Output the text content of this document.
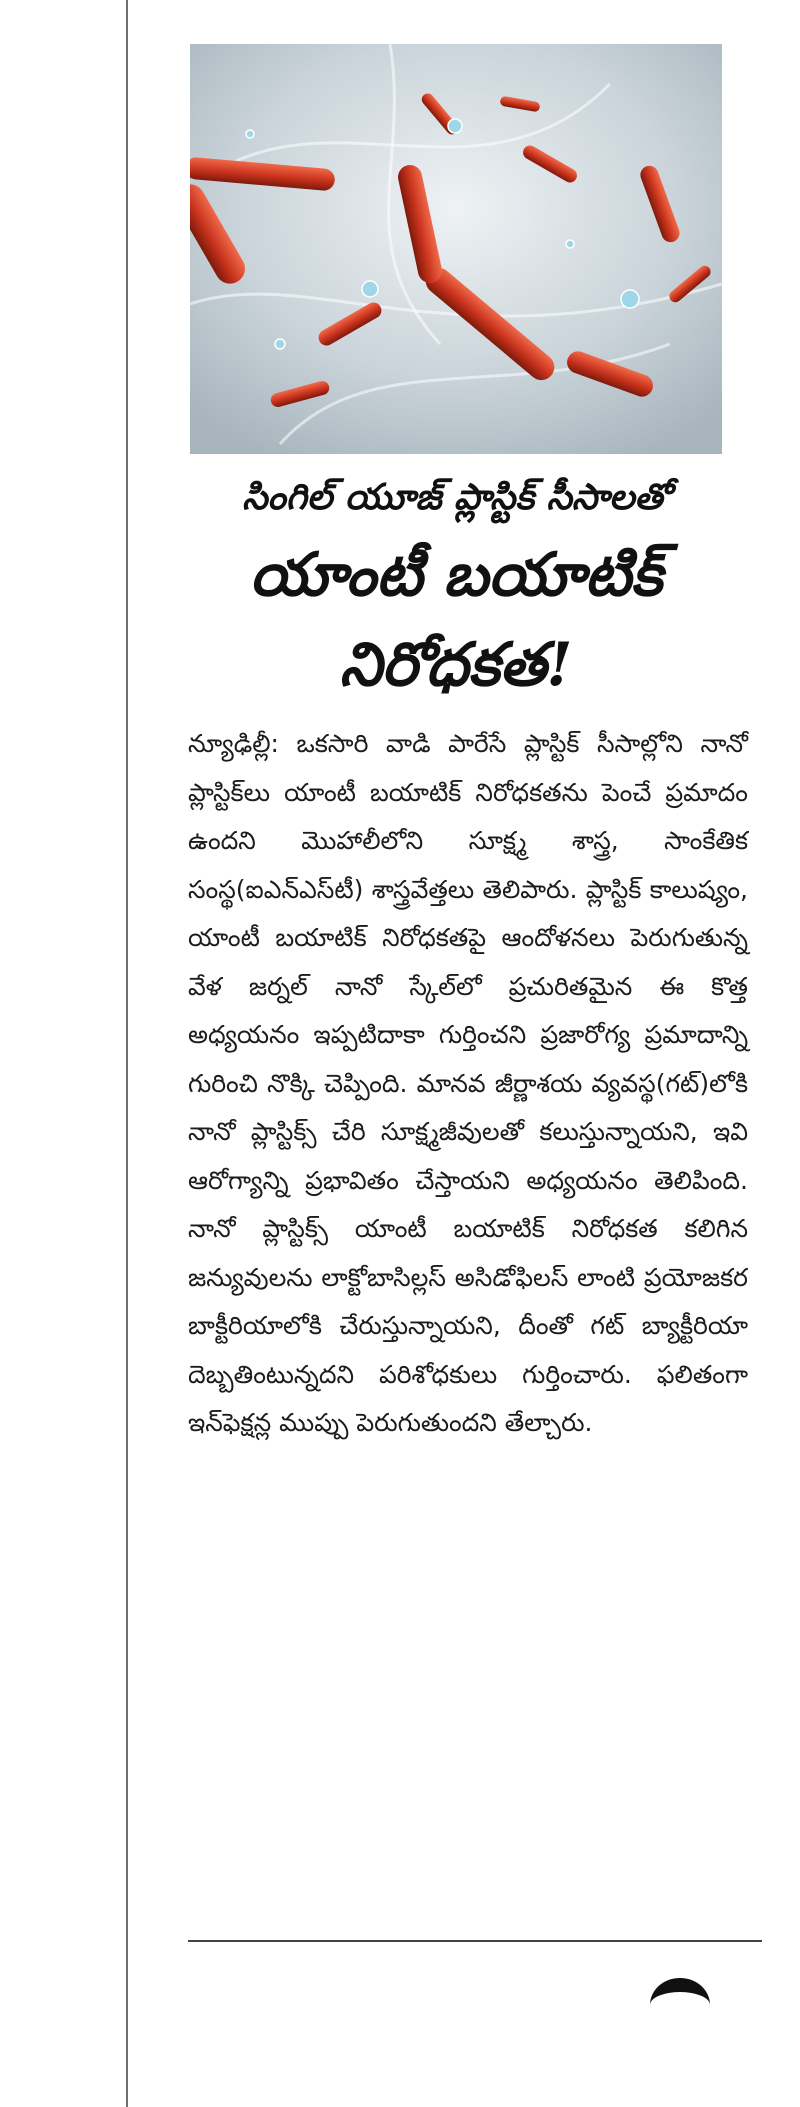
సింగిల్ యూజ్ ప్లాస్టిక్ సీసాలతో
యాంటీ బయాటిక్
నిరోధకత!

న్యూఢిల్లీ: ఒకసారి వాడి పారేసే ప్లాస్టిక్ సీసాల్లోని నానో ప్లాస్టిక్‌లు యాంటీ బయాటిక్ నిరోధకతను పెంచే ప్రమాదం ఉందని మొహాలీలోని సూక్ష్మ శాస్త్ర, సాంకేతిక సంస్థ(ఐఎన్ఎస్‌టీ) శాస్త్రవేత్తలు తెలిపారు. ప్లాస్టిక్ కాలుష్యం, యాంటీ బయాటిక్ నిరోధకతపై ఆందోళనలు పెరుగుతున్న వేళ జర్నల్ నానో స్కేల్‌లో ప్రచురితమైన ఈ కొత్త అధ్యయనం ఇప్పటిదాకా గుర్తించని ప్రజారోగ్య ప్రమాదాన్ని గురించి నొక్కి చెప్పింది. మానవ జీర్ణాశయ వ్యవస్థ(గట్)లోకి నానో ప్లాస్టిక్స్ చేరి సూక్ష్మజీవులతో కలుస్తున్నాయని, ఇవి ఆరోగ్యాన్ని ప్రభావితం చేస్తాయని అధ్యయనం తెలిపింది. నానో ప్లాస్టిక్స్ యాంటీ బయాటిక్ నిరోధకత కలిగిన జన్యువులను లాక్టోబాసిల్లస్ అసిడోఫిలస్ లాంటి ప్రయోజకర బాక్టీరియాలోకి చేరుస్తున్నాయని, దీంతో గట్ బ్యాక్టీరియా దెబ్బతింటున్నదని పరిశోధకులు గుర్తించారు. ఫలితంగా ఇన్‌ఫెక్షన్ల ముప్పు పెరుగుతుందని తేల్చారు.
